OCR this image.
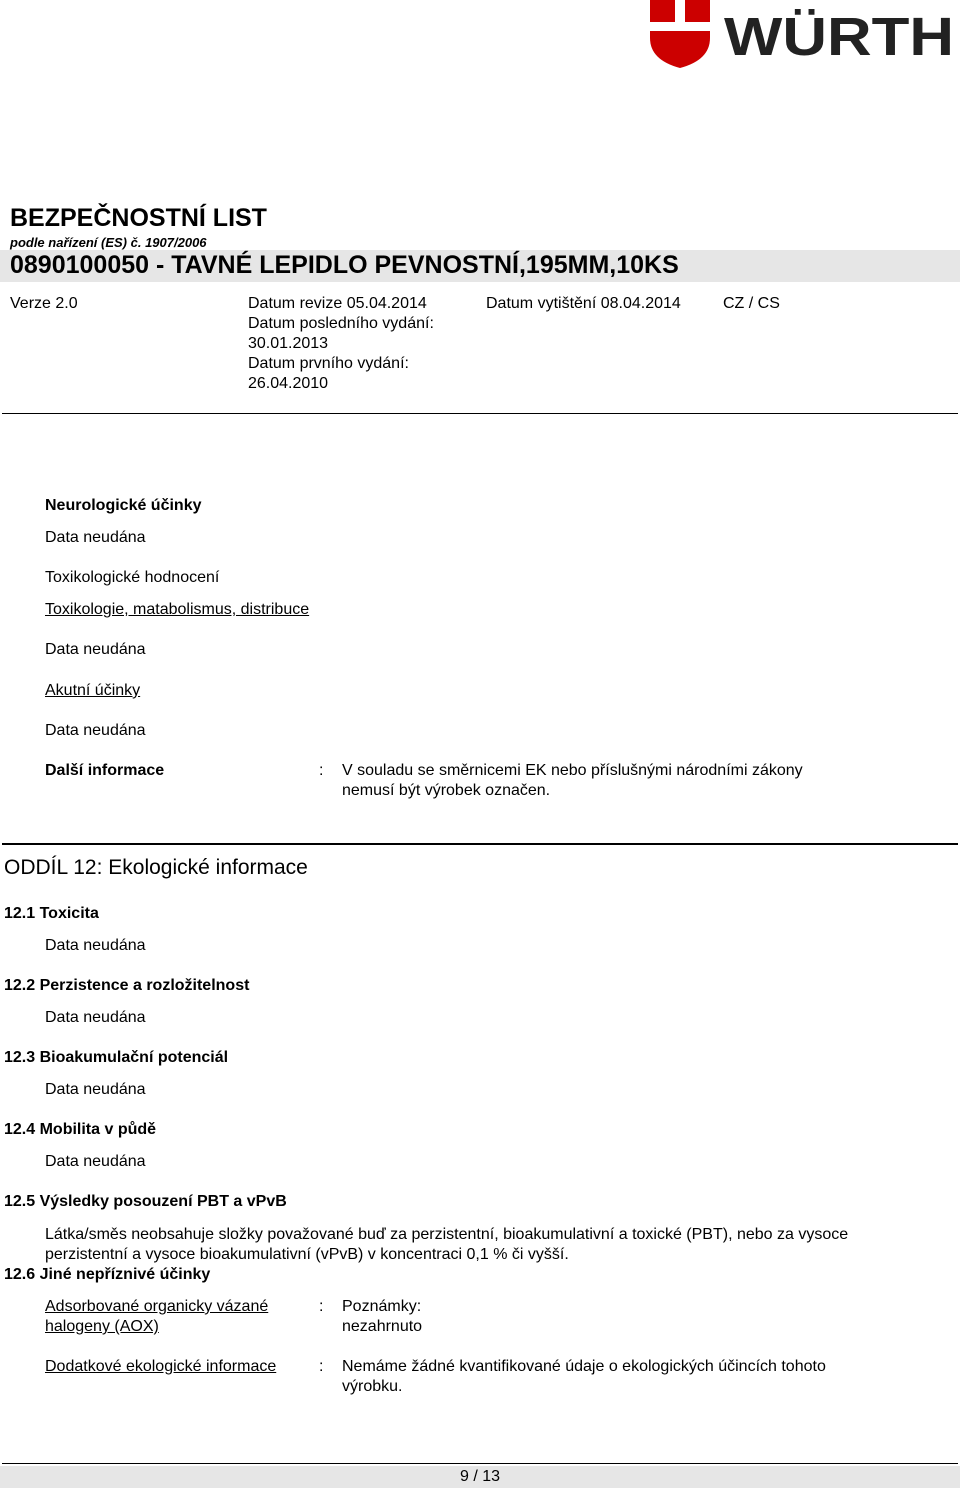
WÜRTH
BEZPEČNOSTNÍ LIST
podle nařízení (ES) č. 1907/2006
0890100050 - TAVNÉ LEPIDLO PEVNOSTNÍ,195MM,10KS
Verze 2.0	Datum revize 05.04.2014
Datum posledního vydání:
30.01.2013
Datum prvního vydání:
26.04.2010
Datum vytištění 08.04.2014	CZ / CS
Neurologické účinky
Data neudána
Toxikologické hodnocení
Toxikologie, matabolismus, distribuce
Data neudána
Akutní účinky
Data neudána
Další informace	: V souladu se směrnicemi EK nebo příslušnými národními zákony
nemusí být výrobek označen.
ODDÍL 12: Ekologické informace
12.1 Toxicita
Data neudána
12.2 Perzistence a rozložitelnost
Data neudána
12.3 Bioakumulační potenciál
Data neudána
12.4 Mobilita v půdě
Data neudána
12.5 Výsledky posouzení PBT a vPvB
Látka/směs neobsahuje složky považované buď za perzistentní, bioakumulativní a toxické (PBT), nebo za vysoce
perzistentní a vysoce bioakumulativní (vPvB) v koncentraci 0,1 % či vyšší.
12.6 Jiné nepříznivé účinky
Adsorbované organicky vázané
halogeny (AOX)
: Poznámky:
nezahrnuto
Dodatkové ekologické informace	: Nemáme žádné kvantifikované údaje o ekologických účincích tohoto
výrobku.
9 / 13
